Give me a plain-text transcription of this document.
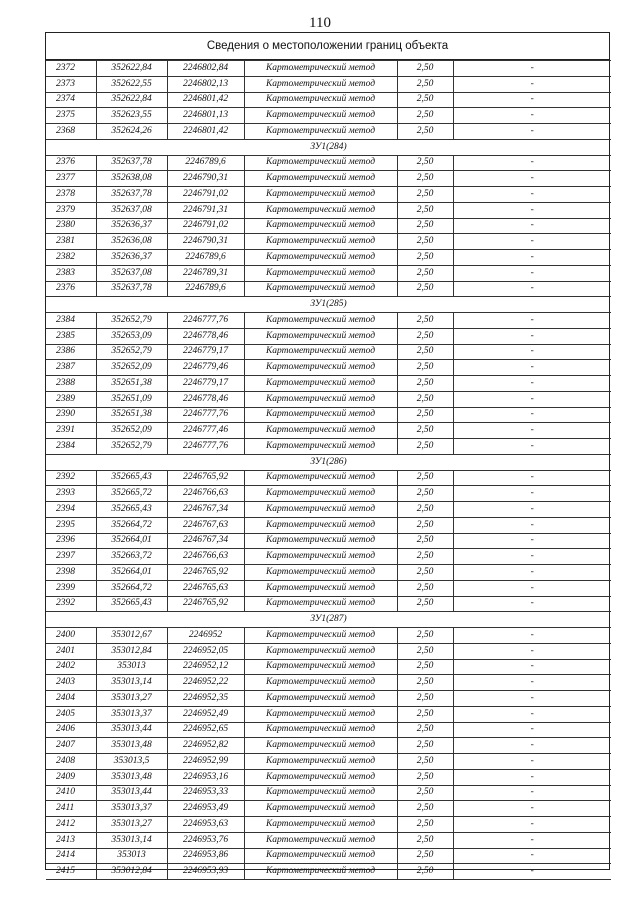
110
Сведения о местоположении границ объекта
2372	352622,84	2246802,84	Картометрический метод	2,50	-
2373	352622,55	2246802,13	Картометрический метод	2,50	-
2374	352622,84	2246801,42	Картометрический метод	2,50	-
2375	352623,55	2246801,13	Картометрический метод	2,50	-
2368	352624,26	2246801,42	Картометрический метод	2,50	-
ЗУ1(284)					
2376	352637,78	2246789,6	Картометрический метод	2,50	-
2377	352638,08	2246790,31	Картометрический метод	2,50	-
2378	352637,78	2246791,02	Картометрический метод	2,50	-
2379	352637,08	2246791,31	Картометрический метод	2,50	-
2380	352636,37	2246791,02	Картометрический метод	2,50	-
2381	352636,08	2246790,31	Картометрический метод	2,50	-
2382	352636,37	2246789,6	Картометрический метод	2,50	-
2383	352637,08	2246789,31	Картометрический метод	2,50	-
2376	352637,78	2246789,6	Картометрический метод	2,50	-
ЗУ1(285)					
2384	352652,79	2246777,76	Картометрический метод	2,50	-
2385	352653,09	2246778,46	Картометрический метод	2,50	-
2386	352652,79	2246779,17	Картометрический метод	2,50	-
2387	352652,09	2246779,46	Картометрический метод	2,50	-
2388	352651,38	2246779,17	Картометрический метод	2,50	-
2389	352651,09	2246778,46	Картометрический метод	2,50	-
2390	352651,38	2246777,76	Картометрический метод	2,50	-
2391	352652,09	2246777,46	Картометрический метод	2,50	-
2384	352652,79	2246777,76	Картометрический метод	2,50	-
ЗУ1(286)					
2392	352665,43	2246765,92	Картометрический метод	2,50	-
2393	352665,72	2246766,63	Картометрический метод	2,50	-
2394	352665,43	2246767,34	Картометрический метод	2,50	-
2395	352664,72	2246767,63	Картометрический метод	2,50	-
2396	352664,01	2246767,34	Картометрический метод	2,50	-
2397	352663,72	2246766,63	Картометрический метод	2,50	-
2398	352664,01	2246765,92	Картометрический метод	2,50	-
2399	352664,72	2246765,63	Картометрический метод	2,50	-
2392	352665,43	2246765,92	Картометрический метод	2,50	-
ЗУ1(287)					
2400	353012,67	2246952	Картометрический метод	2,50	-
2401	353012,84	2246952,05	Картометрический метод	2,50	-
2402	353013	2246952,12	Картометрический метод	2,50	-
2403	353013,14	2246952,22	Картометрический метод	2,50	-
2404	353013,27	2246952,35	Картометрический метод	2,50	-
2405	353013,37	2246952,49	Картометрический метод	2,50	-
2406	353013,44	2246952,65	Картометрический метод	2,50	-
2407	353013,48	2246952,82	Картометрический метод	2,50	-
2408	353013,5	2246952,99	Картометрический метод	2,50	-
2409	353013,48	2246953,16	Картометрический метод	2,50	-
2410	353013,44	2246953,33	Картометрический метод	2,50	-
2411	353013,37	2246953,49	Картометрический метод	2,50	-
2412	353013,27	2246953,63	Картометрический метод	2,50	-
2413	353013,14	2246953,76	Картометрический метод	2,50	-
2414	353013	2246953,86	Картометрический метод	2,50	-
2415	353012,84	2246953,93	Картометрический метод	2,50	-
